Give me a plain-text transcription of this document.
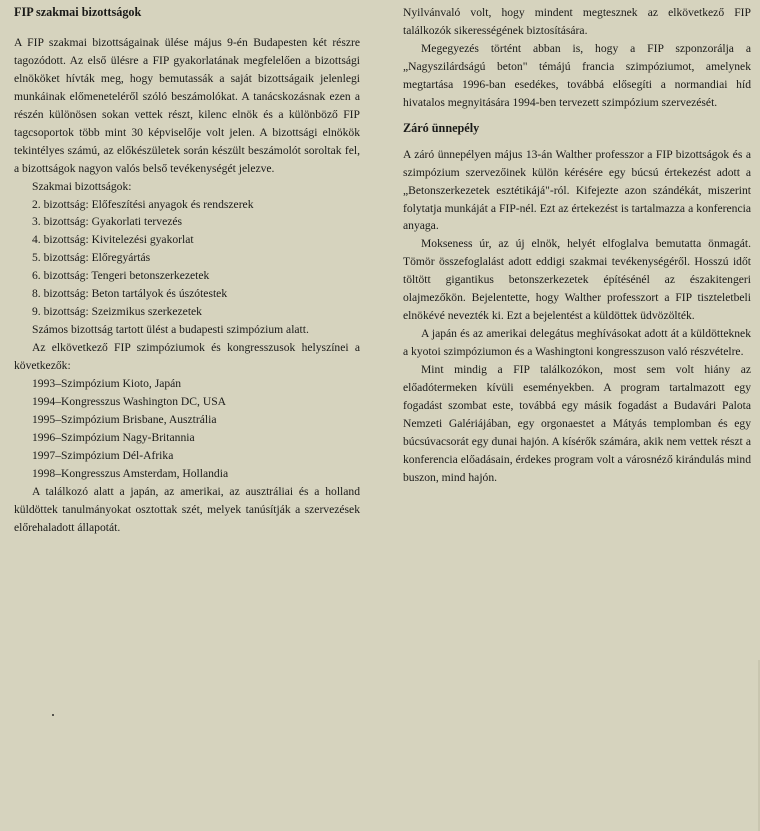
FIP szakmai bizottságok

A FIP szakmai bizottságainak ülése május 9-én Budapesten két részre tagozódott. Az első ülésre a FIP gyakorlatának megfelelően a bizottsági elnököket hívták meg, hogy bemutassák a saját bizottságaik jelenlegi munkáinak előmeneteléről szóló beszámolókat. A tanácskozásnak ezen a részén különösen sokan vettek részt, kilenc elnök és a különböző FIP tagcsoportok több mint 30 képviselője volt jelen. A bizottsági elnökök tekintélyes számú, az előkészületek során készült beszámolót soroltak fel, a bizottságok nagyon valós belső tevékenységét jelezve.

Szakmai bizottságok:
2. bizottság: Előfeszítési anyagok és rendszerek
3. bizottság: Gyakorlati tervezés
4. bizottság: Kivitelezési gyakorlat
5. bizottság: Előregyártás
6. bizottság: Tengeri betonszerkezetek
8. bizottság: Beton tartályok és úszótestek
9. bizottság: Szeizmikus szerkezetek

Számos bizottság tartott ülést a budapesti szimpózium alatt.

Az elkövetkező FIP szimpóziumok és kongresszusok helyszínei a következők:

1993–Szimpózium Kioto, Japán
1994–Kongresszus Washington DC, USA
1995–Szimpózium Brisbane, Ausztrália
1996–Szimpózium Nagy-Britannia
1997–Szimpózium Dél-Afrika
1998–Kongresszus Amsterdam, Hollandia

A találkozó alatt a japán, az amerikai, az ausztráliai és a holland küldöttek tanulmányokat osztottak szét, melyek tanúsítják a szervezések előrehaladott állapotát.

Nyilvánvaló volt, hogy mindent megtesznek az elkövetkező FIP találkozók sikerességének biztosítására.

Megegyezés történt abban is, hogy a FIP szponzorálja a „Nagyszilárdságú beton" témájú francia szimpóziumot, amelynek megtartása 1996-ban esedékes, továbbá elősegíti a normandiai híd hivatalos megnyitására 1994-ben tervezett szimpózium szervezését.

Záró ünnepély

A záró ünnepélyen május 13-án Walther professzor a FIP bizottságok és a szimpózium szervezőinek külön kérésére egy búcsú értekezést adott a „Betonszerkezetek esztétikájá"-ról. Kifejezte azon szándékát, miszerint folytatja munkáját a FIP-nél. Ezt az értekezést is tartalmazza a konferencia anyaga.

Mokseness úr, az új elnök, helyét elfoglalva bemutatta önmagát. Tömör összefoglalást adott eddigi szakmai tevékenységéről. Hosszú időt töltött gigantikus betonszerkezetek építésénél az északitengeri olajmezőkön. Bejelentette, hogy Walther professzort a FIP tiszteletbeli elnökévé nevezték ki. Ezt a bejelentést a küldöttek üdvözölték.

A japán és az amerikai delegátus meghívásokat adott át a küldötteknek a kyotoi szimpóziumon és a Washingtoni kongresszuson való részvételre.

Mint mindig a FIP találkozókon, most sem volt hiány az előadótermeken kívüli eseményekben. A program tartalmazott egy fogadást szombat este, továbbá egy másik fogadást a Budavári Palota Nemzeti Galériájában, egy orgonaestet a Mátyás templomban és egy búcsúvacsorát egy dunai hajón. A kísérők számára, akik nem vettek részt a konferencia előadásain, érdekes program volt a városnéző kirándulás mind buszon, mind hajón.
